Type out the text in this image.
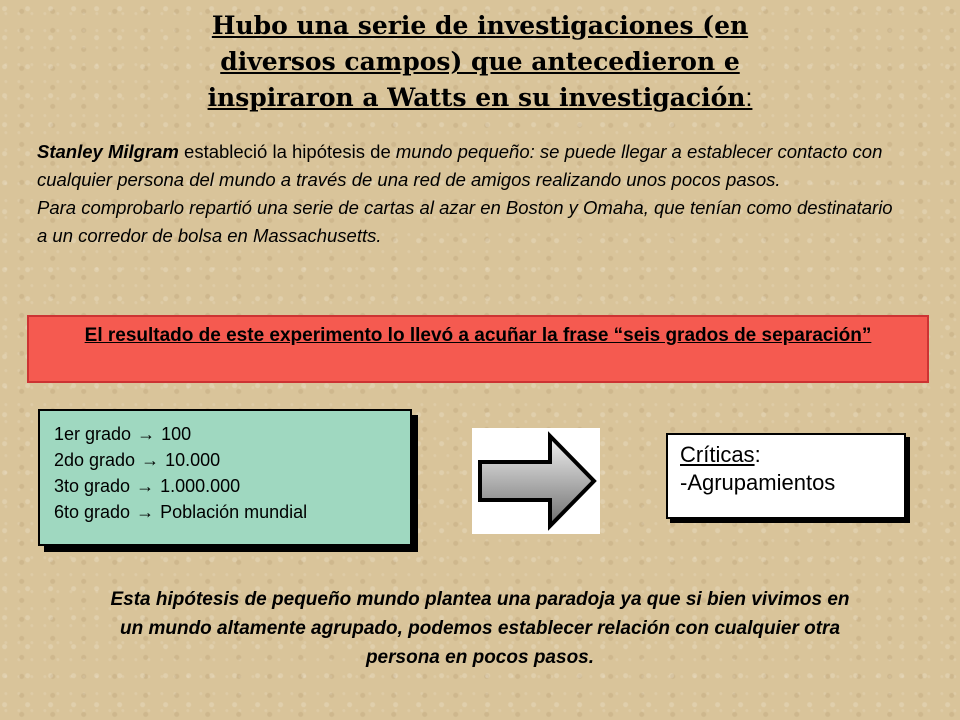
Hubo una serie de investigaciones (en
diversos campos) que antecedieron e
inspiraron a Watts en su investigación:

Stanley Milgram estableció la hipótesis de mundo pequeño: se puede llegar a establecer contacto con cualquier persona del mundo a través de una red de amigos realizando unos pocos pasos.

Para comprobarlo repartió una serie de cartas al azar en Boston y Omaha, que tenían como destinatario a un corredor de bolsa en Massachusetts.

El resultado de este experimento lo llevó a acuñar la frase “seis grados de separación”
1er grado → 100
2do grado → 10.000
3to grado → 1.000.000
6to grado → Población mundial
Críticas:
-Agrupamientos
Esta hipótesis de pequeño mundo plantea una paradoja ya que si bien vivimos en un mundo altamente agrupado, podemos establecer relación con cualquier otra persona en pocos pasos.
